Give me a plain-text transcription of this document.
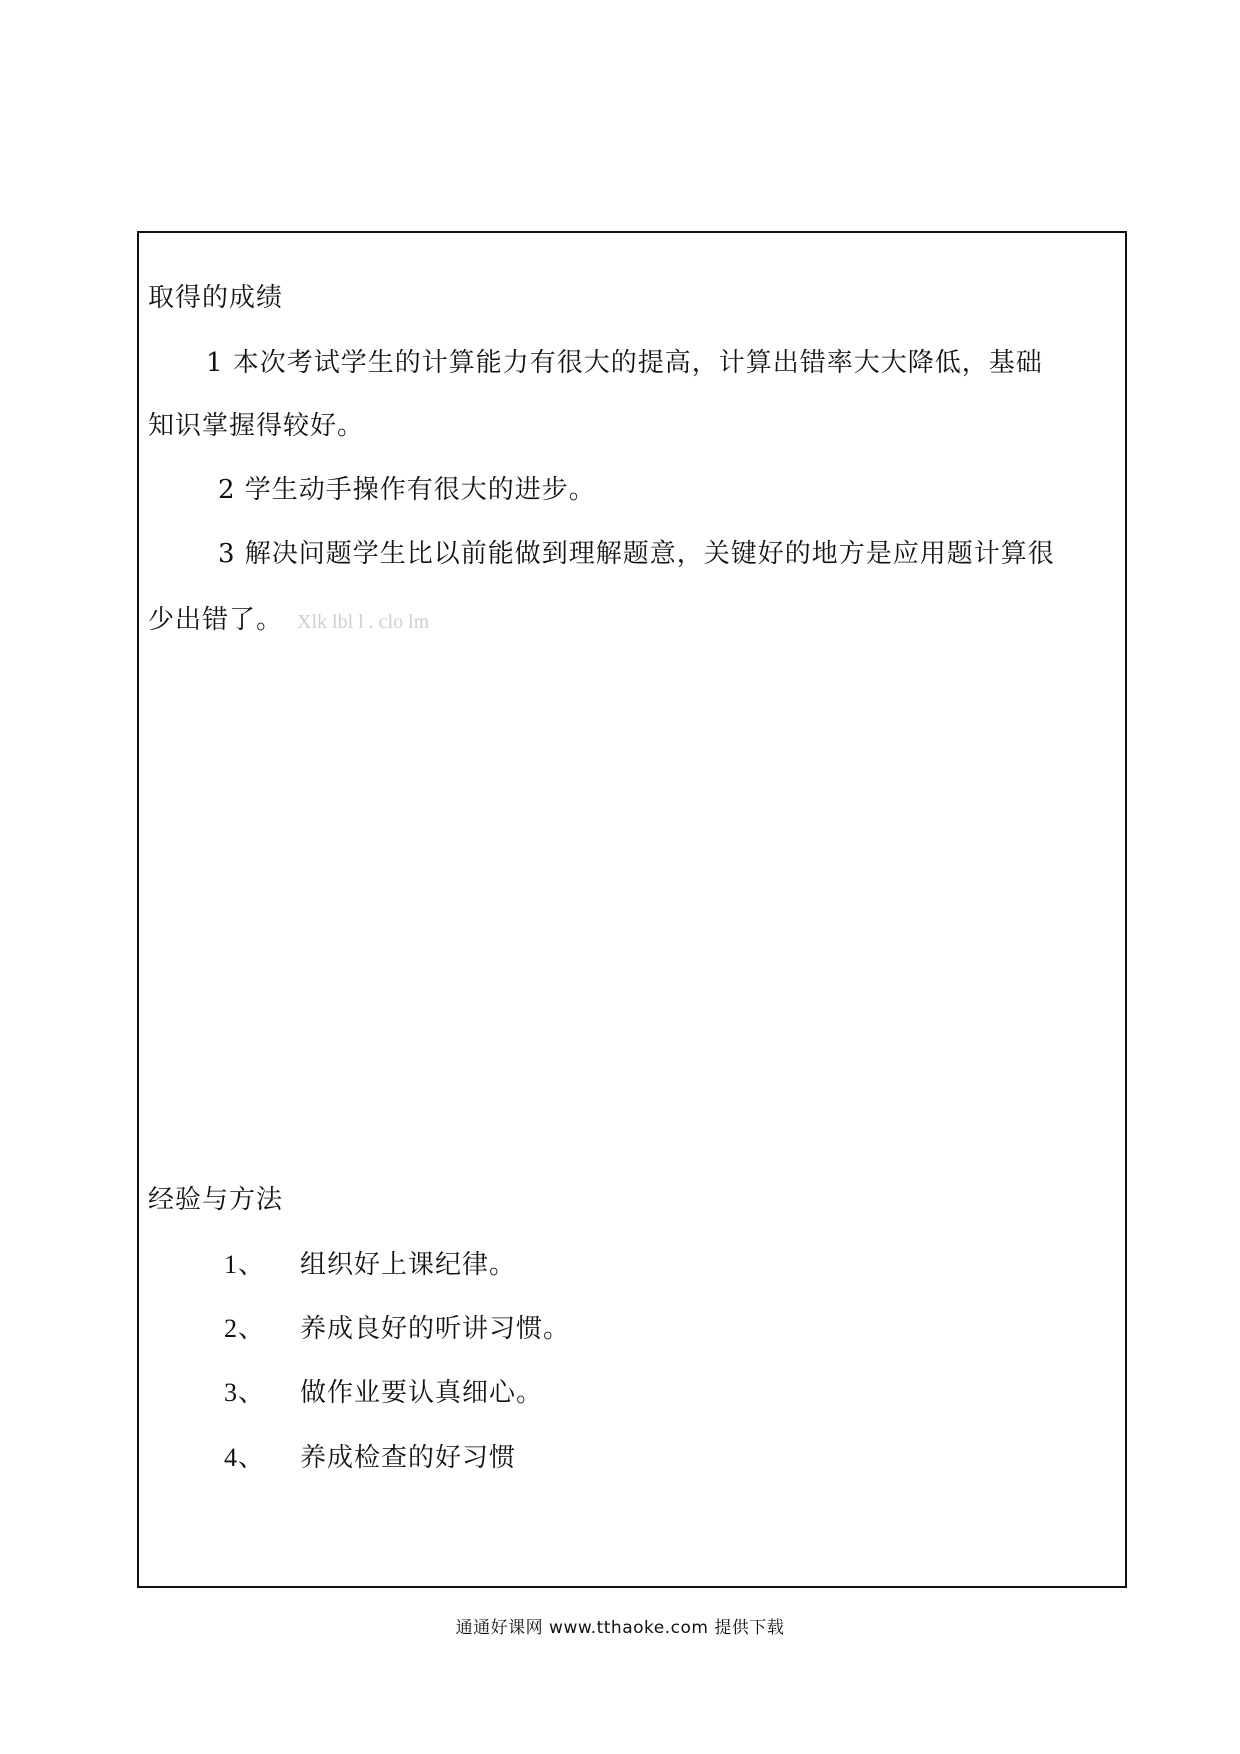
取得的成绩
1 本次考试学生的计算能力有很大的提高，计算出错率大大降低，基础
知识掌握得较好。
2 学生动手操作有很大的进步。
3 解决问题学生比以前能做到理解题意，关键好的地方是应用题计算很
少出错了。 Xlk lbl l . clo lm
经验与方法
1、 组织好上课纪律。
2、 养成良好的听讲习惯。
3、 做作业要认真细心。
4、 养成检查的好习惯
通通好课网 www.tthaoke.com 提供下载
